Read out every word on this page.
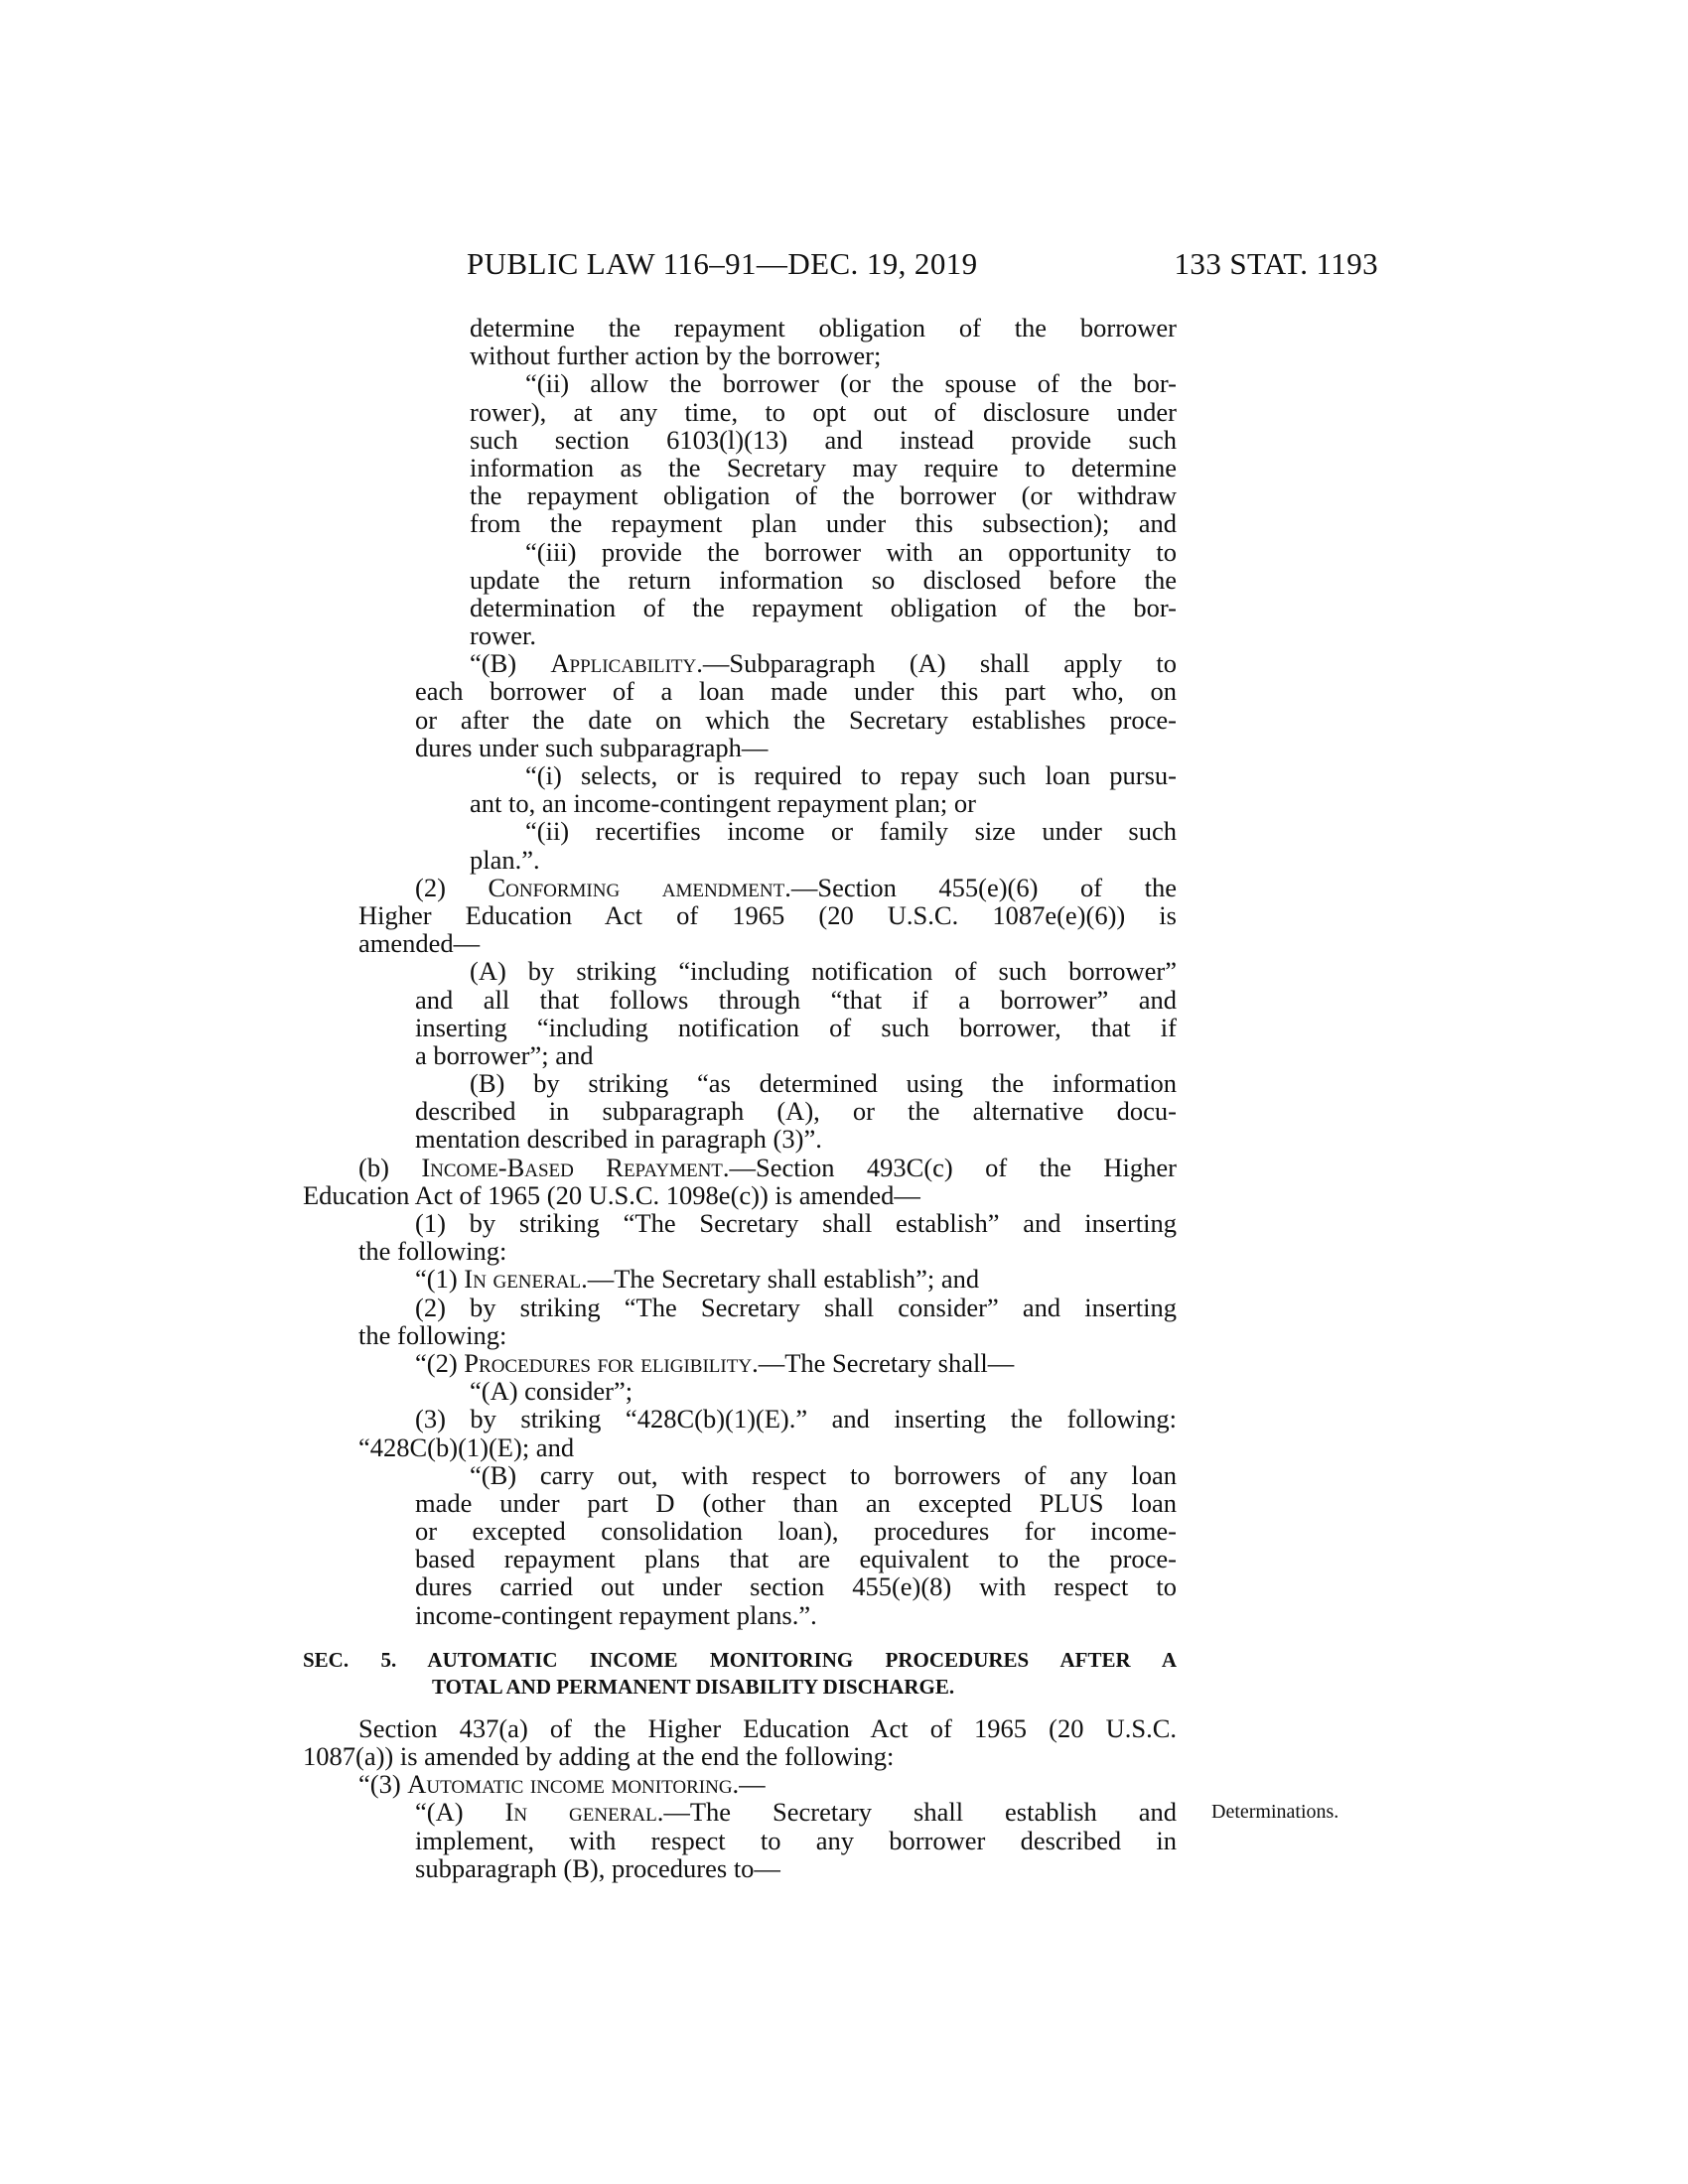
PUBLIC LAW 116–91—DEC. 19, 2019	133 STAT. 1193
determine the repayment obligation of the borrower
without further action by the borrower;
“(ii) allow the borrower (or the spouse of the bor-
rower), at any time, to opt out of disclosure under
such section 6103(l)(13) and instead provide such
information as the Secretary may require to determine
the repayment obligation of the borrower (or withdraw
from the repayment plan under this subsection); and
“(iii) provide the borrower with an opportunity to
update the return information so disclosed before the
determination of the repayment obligation of the bor-
rower.
“(B) Applicability.—Subparagraph (A) shall apply to
each borrower of a loan made under this part who, on
or after the date on which the Secretary establishes proce-
dures under such subparagraph—
“(i) selects, or is required to repay such loan pursu-
ant to, an income-contingent repayment plan; or
“(ii) recertifies income or family size under such
plan.”.
(2) Conforming amendment.—Section 455(e)(6) of the
Higher Education Act of 1965 (20 U.S.C. 1087e(e)(6)) is
amended—
(A) by striking “including notification of such borrower”
and all that follows through “that if a borrower” and
inserting “including notification of such borrower, that if
a borrower”; and
(B) by striking “as determined using the information
described in subparagraph (A), or the alternative docu-
mentation described in paragraph (3)”.
(b) Income-Based Repayment.—Section 493C(c) of the Higher
Education Act of 1965 (20 U.S.C. 1098e(c)) is amended—
(1) by striking “The Secretary shall establish” and inserting
the following:
“(1) In general.—The Secretary shall establish”; and
(2) by striking “The Secretary shall consider” and inserting
the following:
“(2) Procedures for eligibility.—The Secretary shall—
“(A) consider”;
(3) by striking “428C(b)(1)(E).” and inserting the following:
“428C(b)(1)(E); and
“(B) carry out, with respect to borrowers of any loan
made under part D (other than an excepted PLUS loan
or excepted consolidation loan), procedures for income-
based repayment plans that are equivalent to the proce-
dures carried out under section 455(e)(8) with respect to
income-contingent repayment plans.”.
SEC. 5. AUTOMATIC INCOME MONITORING PROCEDURES AFTER A
TOTAL AND PERMANENT DISABILITY DISCHARGE.
Section 437(a) of the Higher Education Act of 1965 (20 U.S.C.
1087(a)) is amended by adding at the end the following:
“(3) Automatic income monitoring.—
“(A) In general.—The Secretary shall establish and
implement, with respect to any borrower described in
subparagraph (B), procedures to—
Determinations.
